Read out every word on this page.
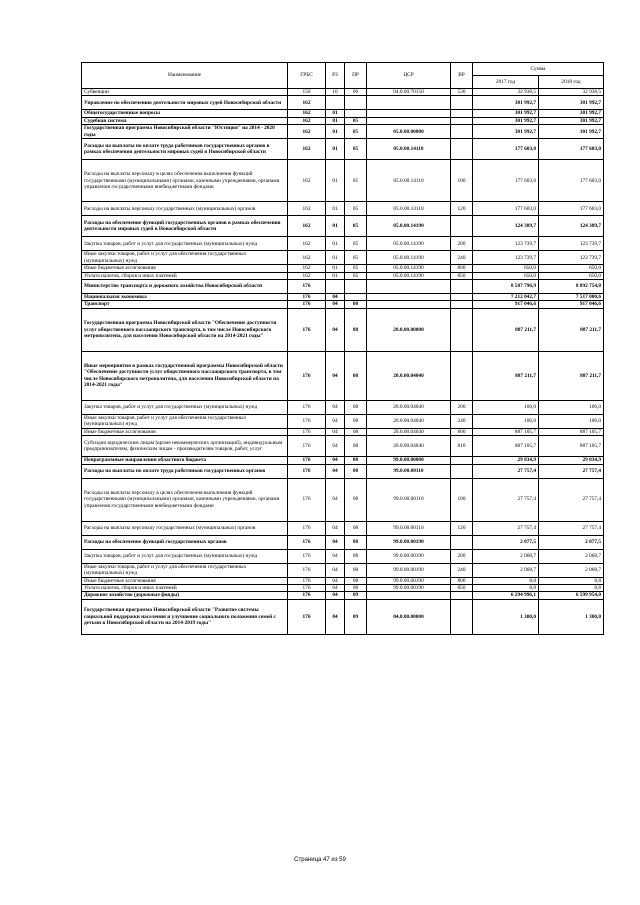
Наименование	ГРБС	РЗ	ПР	ЦСР	ВР	Сумма	
						2017 год	2018 год
Субвенции	156	10	06	04.0.00.70150	530	32 938,5	32 938,5
Управление по обеспечению деятельности мировых судей Новосибирской области	162					301 992,7	301 992,7
Общегосударственные вопросы	162	01				301 992,7	301 992,7
Судебная система	162	01	05			301 992,7	301 992,7
Государственная программа Новосибирской области "Юстиция" на 2014 - 2020 годы	162	01	05	05.0.00.00000		301 992,7	301 992,7
Расходы на выплаты по оплате труда работников государственных органов в рамках обеспечения деятельности мировых судей в Новосибирской области	162	01	05	05.0.00.14110		177 603,0	177 603,0
Расходы на выплаты персоналу в целях обеспечения выполнения функций государственными (муниципальными) органами, казенными учреждениями, органами управления государственными внебюджетными фондами	162	01	05	05.0.00.14110	100	177 603,0	177 603,0
Расходы на выплаты персоналу государственных (муниципальных) органов	162	01	05	05.0.00.14110	120	177 603,0	177 603,0
Расходы на обеспечение функций государственных органов в рамках обеспечения деятельности мировых судей в Новосибирской области	162	01	05	05.0.00.14190		124 389,7	124 389,7
Закупка товаров, работ и услуг для государственных (муниципальных) нужд	162	01	05	05.0.00.14190	200	123 739,7	123 739,7
Иные закупки товаров, работ и услуг для обеспечения государственных (муниципальных) нужд	162	01	05	05.0.00.14190	240	123 739,7	123 739,7
Иные бюджетные ассигнования	162	01	05	05.0.00.14190	800	650,0	650,0
Уплата налогов, сборов и иных платежей	162	01	05	05.0.00.14190	850	650,0	650,0
Министерство транспорта и дорожного хозяйства Новосибирской области	176					8 587 796,9	8 892 754,8
Национальная экономика	176	04				7 212 042,7	7 517 000,6
Транспорт	176	04	08			917 046,6	917 046,6
Государственная программа Новосибирской области "Обеспечение доступности услуг общественного пассажирского транспорта, в том числе Новосибирского метрополитена, для населения Новосибирской области на 2014-2021 годы"	176	04	08	20.0.00.00000		887 211,7	887 211,7
Иные мероприятия в рамках государственной программы Новосибирской области "Обеспечение доступности услуг общественного пассажирского транспорта, в том числе Новосибирского метрополитена, для населения Новосибирской области на 2014-2021 годы"	176	04	08	20.0.00.04040		887 211,7	887 211,7
Закупка товаров, работ и услуг для государственных (муниципальных) нужд	176	04	08	20.0.00.04040	200	106,0	106,0
Иные закупки товаров, работ и услуг для обеспечения государственных (муниципальных) нужд	176	04	08	20.0.00.04040	240	106,0	106,0
Иные бюджетные ассигнования	176	04	08	20.0.00.04040	800	887 105,7	887 105,7
Субсидии юридическим лицам (кроме некоммерческих организаций), индивидуальным предпринимателям, физическим лицам - производителям товаров, работ, услуг	176	04	08	20.0.00.04040	810	887 105,7	887 105,7
Непрограммные направления областного бюджета	176	04	08	99.0.00.00000		29 834,9	29 834,9
Расходы на выплаты по оплате труда работников государственных органов	176	04	08	99.0.00.00110		27 757,4	27 757,4
Расходы на выплаты персоналу в целях обеспечения выполнения функций государственными (муниципальными) органами, казенными учреждениями, органами управления государственными внебюджетными фондами	176	04	08	99.0.00.00110	100	27 757,4	27 757,4
Расходы на выплаты персоналу государственных (муниципальных) органов	176	04	08	99.0.00.00110	120	27 757,4	27 757,4
Расходы на обеспечение функций государственных органов	176	04	08	99.0.00.00190		2 077,5	2 077,5
Закупка товаров, работ и услуг для государственных (муниципальных) нужд	176	04	08	99.0.00.00190	200	2 068,7	2 068,7
Иные закупки товаров, работ и услуг для обеспечения государственных (муниципальных) нужд	176	04	08	99.0.00.00190	240	2 068,7	2 068,7
Иные бюджетные ассигнования	176	04	08	99.0.00.00190	800	8,8	8,8
Уплата налогов, сборов и иных платежей	176	04	08	99.0.00.00190	850	8,8	8,8
Дорожное хозяйство (дорожные фонды)	176	04	09			6 294 996,1	6 599 954,0
Государственная программа Новосибирской области "Развитие системы социальной поддержки населения и улучшение социального положения семей с детьми в Новосибирской области на 2014-2019 годы"	176	04	09	04.0.00.00000		1 300,0	1 300,0
Страница 47 из 59
